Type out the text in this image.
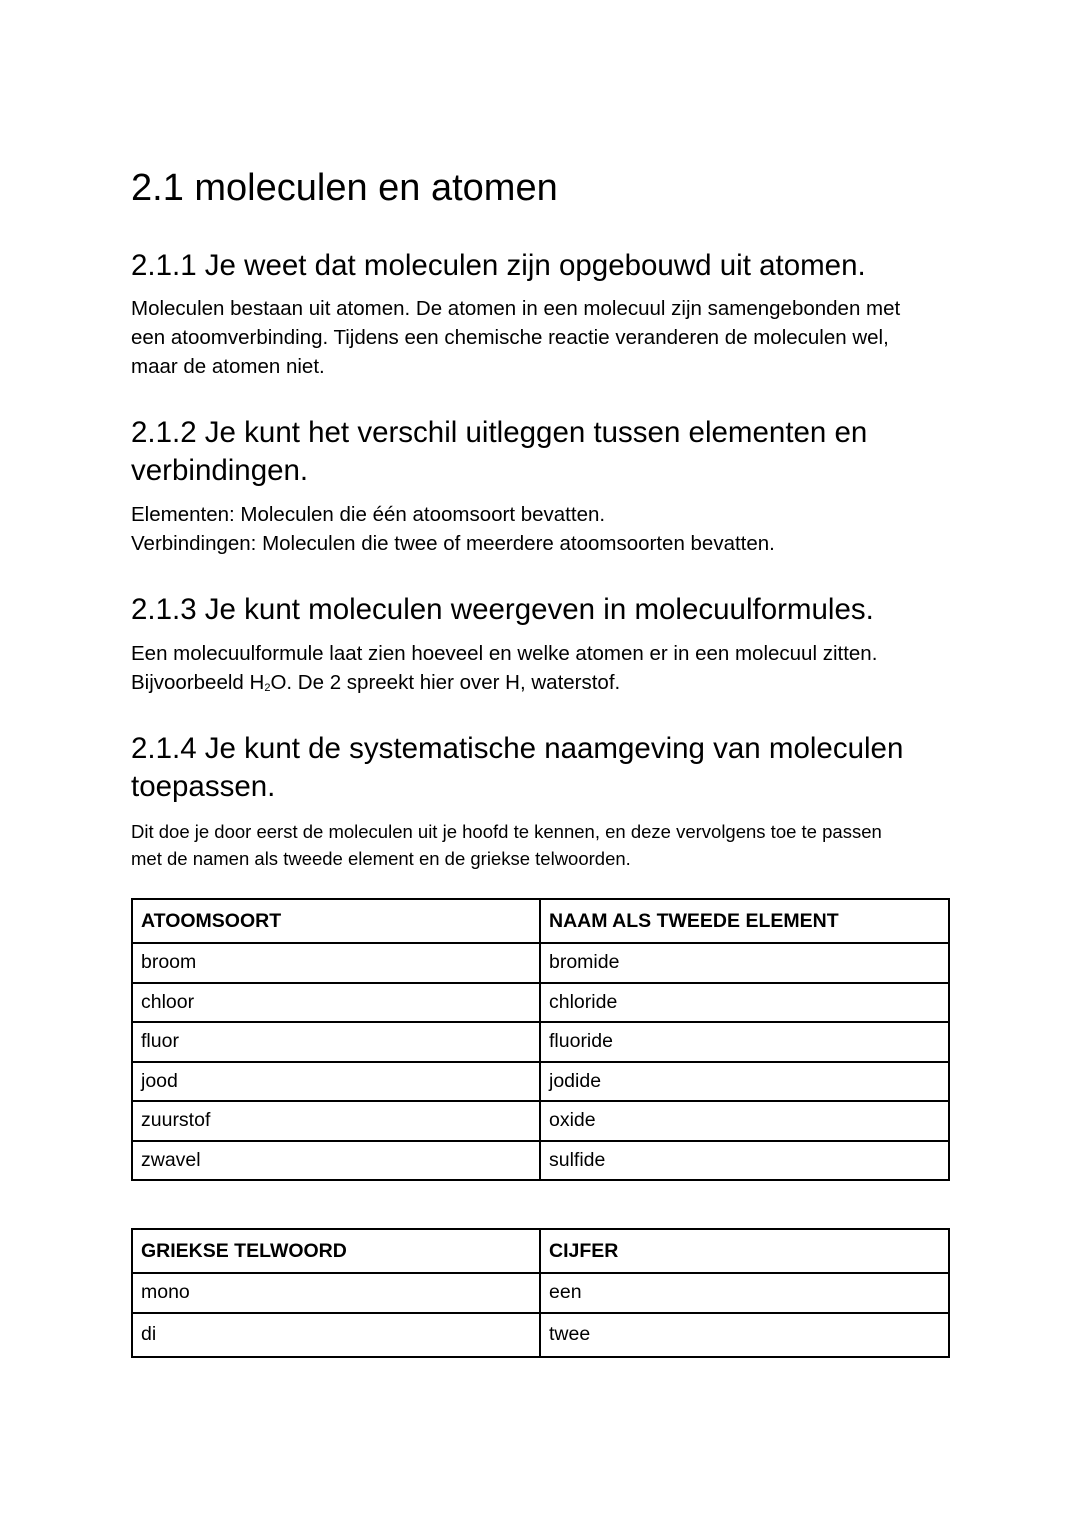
2.1 moleculen en atomen
2.1.1 Je weet dat moleculen zijn opgebouwd uit atomen.

Moleculen bestaan uit atomen. De atomen in een molecuul zijn samengebonden met
een atoomverbinding. Tijdens een chemische reactie veranderen de moleculen wel,
maar de atomen niet.

2.1.2 Je kunt het verschil uitleggen tussen elementen en
verbindingen.

Elementen: Moleculen die één atoomsoort bevatten.
Verbindingen: Moleculen die twee of meerdere atoomsoorten bevatten.

2.1.3 Je kunt moleculen weergeven in molecuulformules.

Een molecuulformule laat zien hoeveel en welke atomen er in een molecuul zitten.
Bijvoorbeeld H2O. De 2 spreekt hier over H, waterstof.

2.1.4 Je kunt de systematische naamgeving van moleculen
toepassen.

Dit doe je door eerst de moleculen uit je hoofd te kennen, en deze vervolgens toe te passen
met de namen als tweede element en de griekse telwoorden.

ATOOMSOORT	NAAM ALS TWEEDE ELEMENT
broom	bromide
chloor	chloride
fluor	fluoride
jood	jodide
zuurstof	oxide
zwavel	sulfide
GRIEKSE TELWOORD	CIJFER
mono	een
di	twee
